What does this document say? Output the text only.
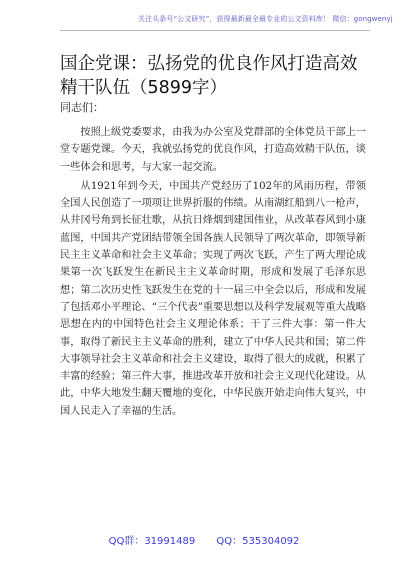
关注头条号“公文研究”，获得最新最全最专业的公文资料库！ 微信：gongwenyj
国企党课：弘扬党的优良作风打造高效精干队伍（5899字）
同志们：

按照上级党委要求，由我为办公室及党群部的全体党员干部上一堂专题党课。今天，我就弘扬党的优良作风，打造高效精干队伍，谈一些体会和思考，与大家一起交流。

从1921年到今天，中国共产党经历了102年的风雨历程，带领全国人民创造了一项项让世界折服的伟绩。从南湖红船到八一枪声，从井冈号角到长征壮歌，从抗日烽烟到建国伟业，从改革春风到小康蓝图，中国共产党团结带领全国各族人民领导了两次革命，即领导新民主主义革命和社会主义革命；实现了两次飞跃，产生了两大理论成果第一次飞跃发生在新民主主义革命时期，形成和发展了毛泽东思想；第二次历史性飞跃发生在党的十一届三中全会以后，形成和发展了包括邓小平理论、“三个代表”重要思想以及科学发展观等重大战略思想在内的中国特色社会主义理论体系；干了三件大事：第一件大事，取得了新民主主义革命的胜利，建立了中华人民共和国；第二件大事领导社会主义革命和社会主义建设，取得了很大的成就，积累了丰富的经验；第三件大事，推进改革开放和社会主义现代化建设。从此，中华大地发生翻天覆地的变化，中华民族开始走向伟大复兴，中国人民走入了幸福的生活。

QQ群：31991489 QQ：535304092
